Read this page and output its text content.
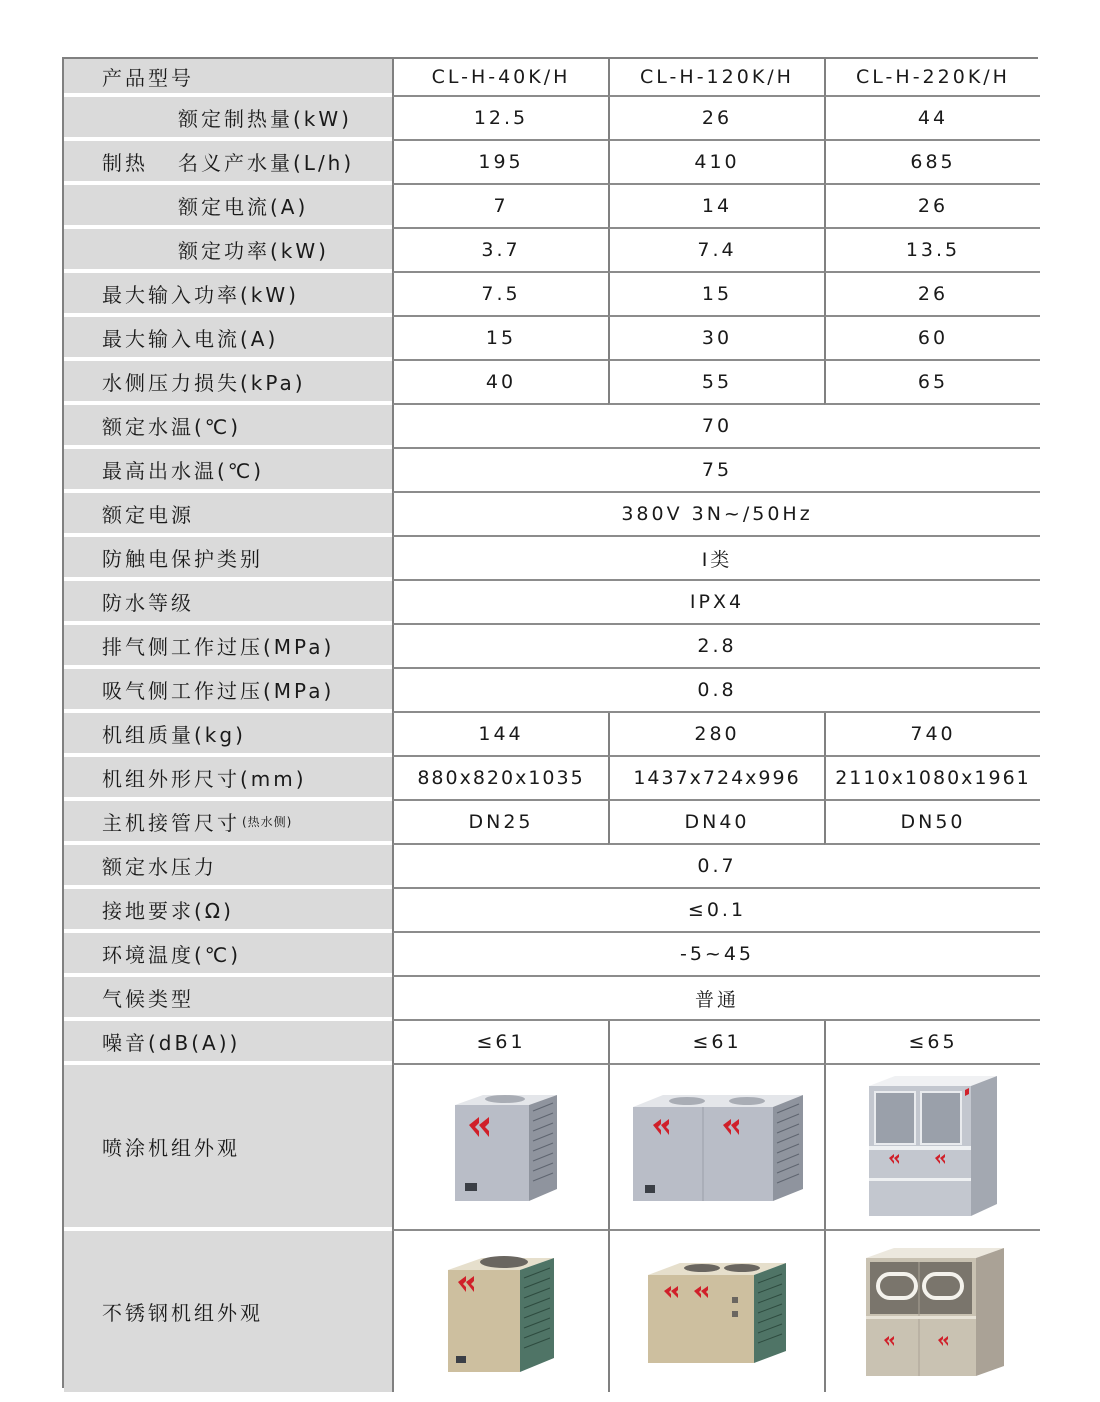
产品型号	CL-H-40K/H	CL-H-120K/H	CL-H-220K/H
额定制热量(kW)	12.5	26	44
制热 名义产水量(L/h)	195	410	685
额定电流(A)	7	14	26
额定功率(kW)	3.7	7.4	13.5
最大输入功率(kW)	7.5	15	26
最大输入电流(A)	15	30	60
水侧压力损失(kPa)	40	55	65
额定水温(℃)	70
最高出水温(℃)	75
额定电源	380V 3N~/50Hz
防触电保护类别	I类
防水等级	IPX4
排气侧工作过压(MPa)	2.8
吸气侧工作过压(MPa)	0.8
机组质量(kg)	144	280	740
机组外形尺寸(mm)	880x820x1035	1437x724x996	2110x1080x1961
主机接管尺寸 (热水侧)	DN25	DN40	DN50
额定水压力	0.7
接地要求(Ω)	≤0.1
环境温度(℃)	-5~45
气候类型	普通
噪音(dB(A))	≤61	≤61	≤65
喷涂机组外观
不锈钢机组外观
